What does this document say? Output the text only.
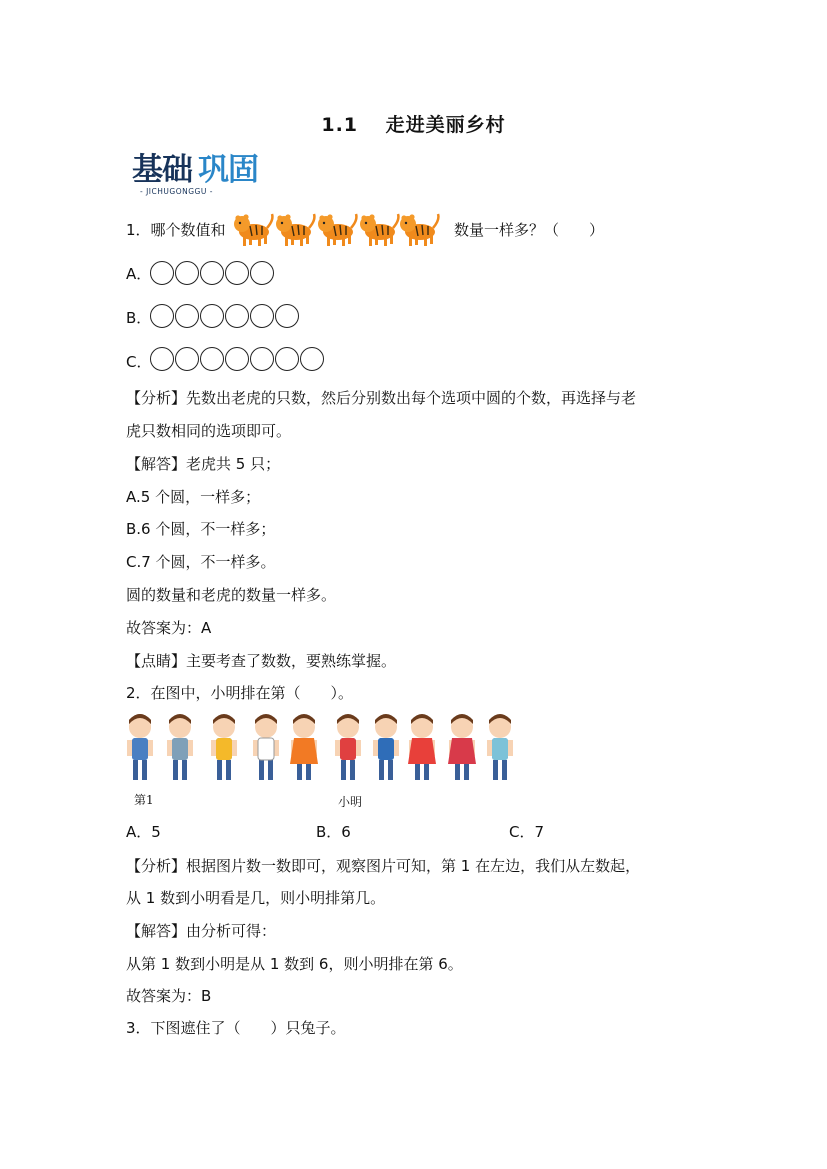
1.1　 走进美丽乡村
基础 巩固
- JICHUGONGGU -
1．哪个数值和	数量一样多？（　　）
A．
B．
C．
【分析】先数出老虎的只数，然后分别数出每个选项中圆的个数，再选择与老
虎只数相同的选项即可。
【解答】老虎共 5 只；
A.5 个圆，一样多；
B.6 个圆，不一样多；
C.7 个圆，不一样多。
圆的数量和老虎的数量一样多。
故答案为：A
【点睛】主要考查了数数，要熟练掌握。
2．在图中，小明排在第（　　）。
第1	小明
A．5	B．6	C．7
【分析】根据图片数一数即可，观察图片可知，第 1 在左边，我们从左数起，
从 1 数到小明看是几，则小明排第几。
【解答】由分析可得：
从第 1 数到小明是从 1 数到 6，则小明排在第 6。
故答案为：B
3．下图遮住了（　　）只兔子。
